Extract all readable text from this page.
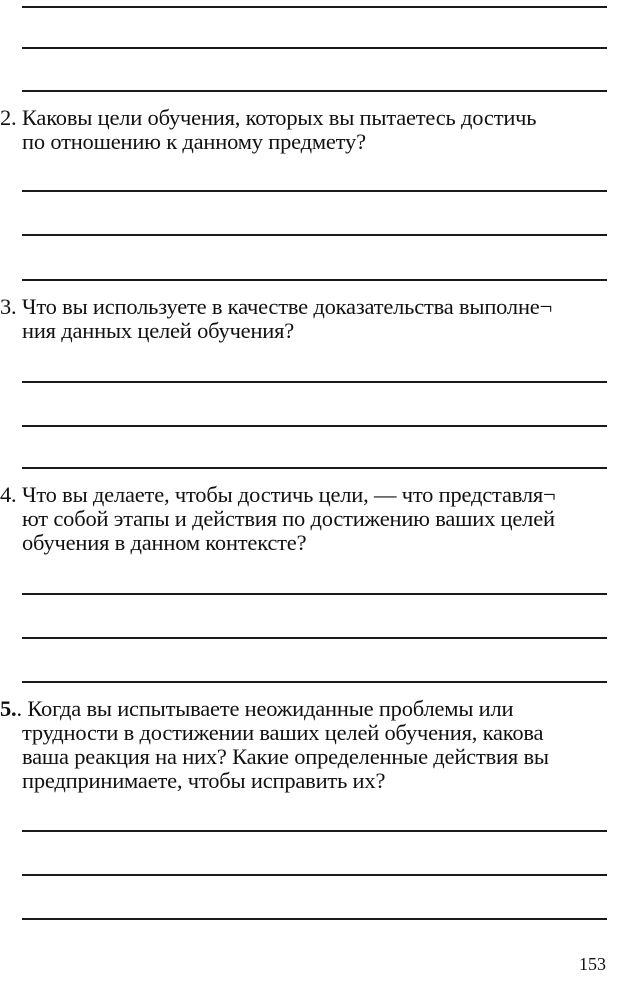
2. Каковы цели обучения, которых вы пытаетесь достичь
по отношению к данному предмету?
3. Что вы используете в качестве доказательства выполне¬
ния данных целей обучения?
4. Что вы делаете, чтобы достичь цели, — что представля¬
ют собой этапы и действия по достижению ваших целей
обучения в данном контексте?
5.. Когда вы испытываете неожиданные проблемы или
трудности в достижении ваших целей обучения, какова
ваша реакция на них? Какие определенные действия вы
предпринимаете, чтобы исправить их?
153
